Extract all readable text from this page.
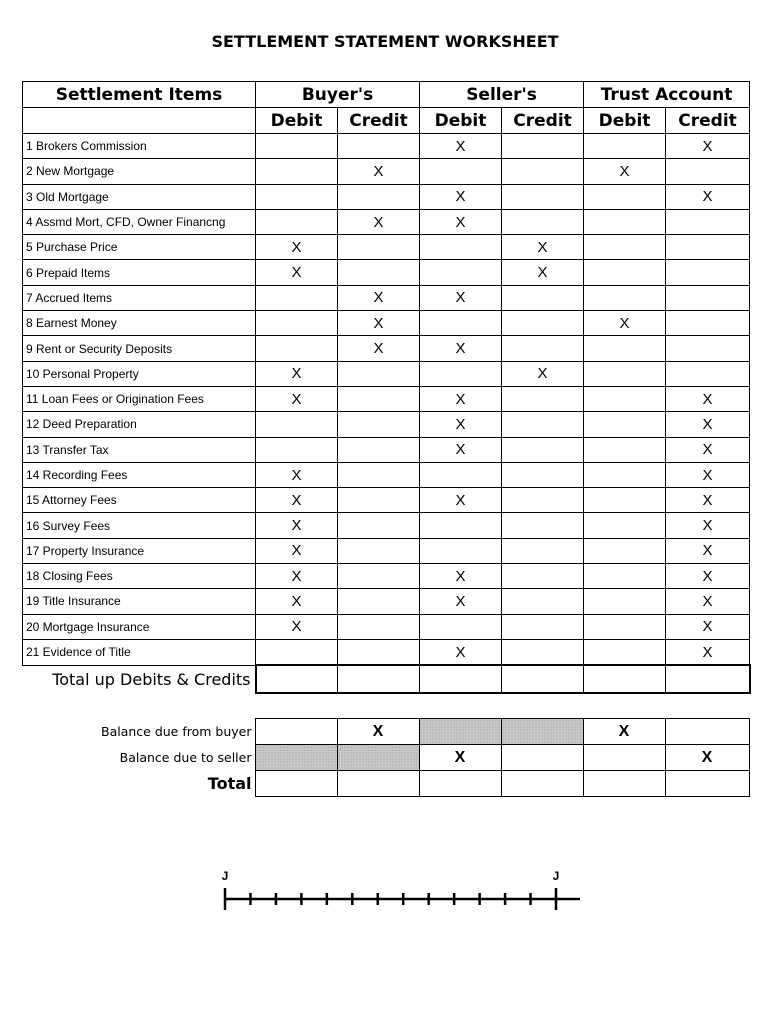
SETTLEMENT STATEMENT WORKSHEET
Settlement Items	Buyer's		Seller's		Trust Account	
	Debit	Credit	Debit	Credit	Debit	Credit
1 Brokers Commission			X			X
2 New Mortgage		X			X	
3 Old Mortgage			X			X
4 Assmd Mort, CFD, Owner Financng		X	X			
5 Purchase Price	X			X		
6 Prepaid Items	X			X		
7 Accrued Items		X	X			
8 Earnest Money		X			X	
9 Rent or Security Deposits		X	X			
10 Personal Property	X			X		
11 Loan Fees or Origination Fees	X		X			X
12 Deed Preparation			X			X
13 Transfer Tax			X			X
14 Recording Fees	X					X
15 Attorney Fees	X		X			X
16 Survey Fees	X					X
17 Property Insurance	X					X
18 Closing Fees	X		X			X
19 Title Insurance	X		X			X
20 Mortgage Insurance	X					X
21 Evidence of Title			X			X
Total up Debits & Credits						
Balance due from buyer		X			X	
Balance due to seller			X			X
Total						
J	J
